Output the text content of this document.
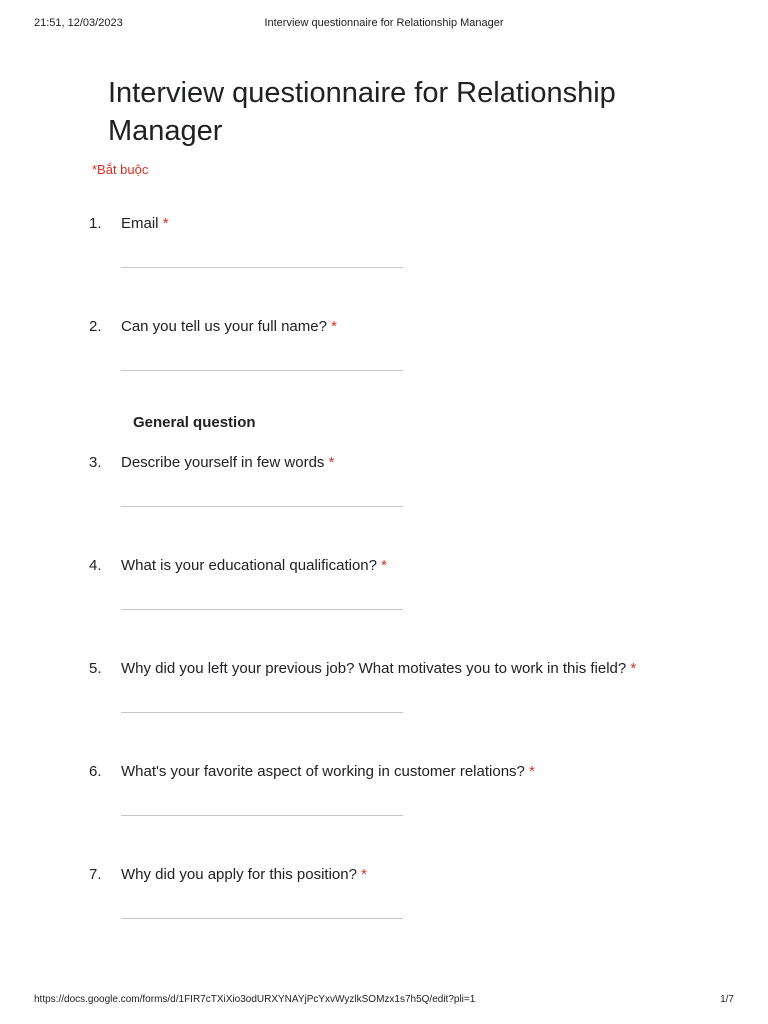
21:51, 12/03/2023	Interview questionnaire for Relationship Manager
Interview questionnaire for Relationship Manager
*Bắt buộc
1. Email *
2. Can you tell us your full name? *
General question
3. Describe yourself in few words *
4. What is your educational qualification? *
5. Why did you left your previous job? What motivates you to work in this field? *
6. What's your favorite aspect of working in customer relations? *
7. Why did you apply for this position? *
https://docs.google.com/forms/d/1FIR7cTXiXio3odURXYNAYjPcYxvWyzlkSOMzx1s7h5Q/edit?pli=1	1/7
